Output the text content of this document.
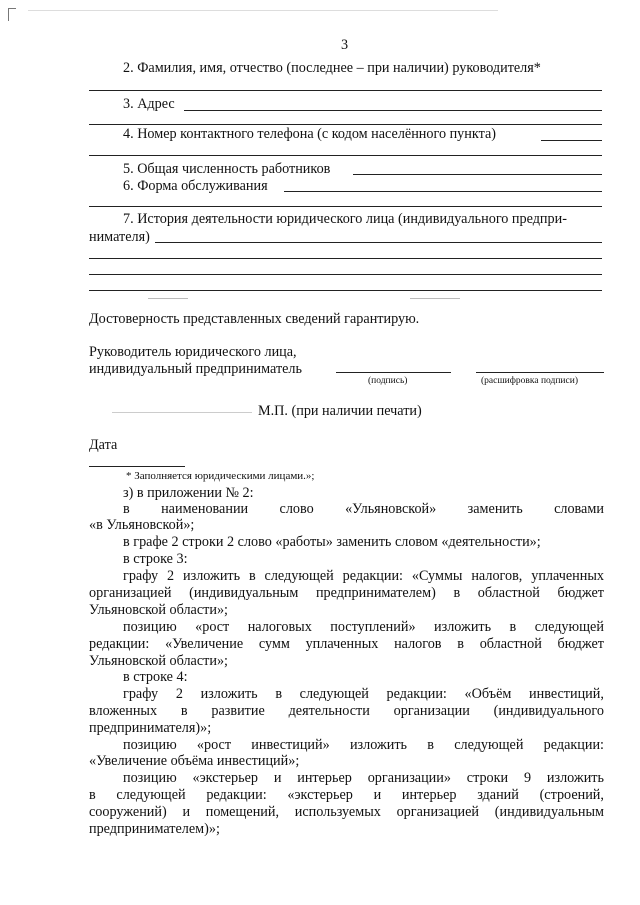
3
2. Фамилия, имя, отчество (последнее – при наличии) руководителя*
3. Адрес
4. Номер контактного телефона (с кодом населённого пункта)
5. Общая численность работников
6. Форма обслуживания
7. История деятельности юридического лица (индивидуального предпри-
нимателя)
Достоверность представленных сведений гарантирую.
Руководитель юридического лица,
индивидуальный предприниматель
(подпись)	(расшифровка подписи)
М.П. (при наличии печати)
Дата
* Заполняется юридическими лицами.»;
з) в приложении № 2:
в наименовании слово «Ульяновской» заменить словами
«в Ульяновской»;
в графе 2 строки 2 слово «работы» заменить словом «деятельности»;
в строке 3:
графу 2 изложить в следующей редакции: «Суммы налогов, уплаченных
организацией (индивидуальным предпринимателем) в областной бюджет
Ульяновской области»;
позицию «рост налоговых поступлений» изложить в следующей
редакции: «Увеличение сумм уплаченных налогов в областной бюджет
Ульяновской области»;
в строке 4:
графу 2 изложить в следующей редакции: «Объём инвестиций,
вложенных в развитие деятельности организации (индивидуального
предпринимателя)»;
позицию «рост инвестиций» изложить в следующей редакции:
«Увеличение объёма инвестиций»;
позицию «экстерьер и интерьер организации» строки 9 изложить
в следующей редакции: «экстерьер и интерьер зданий (строений,
сооружений) и помещений, используемых организацией (индивидуальным
предпринимателем)»;
